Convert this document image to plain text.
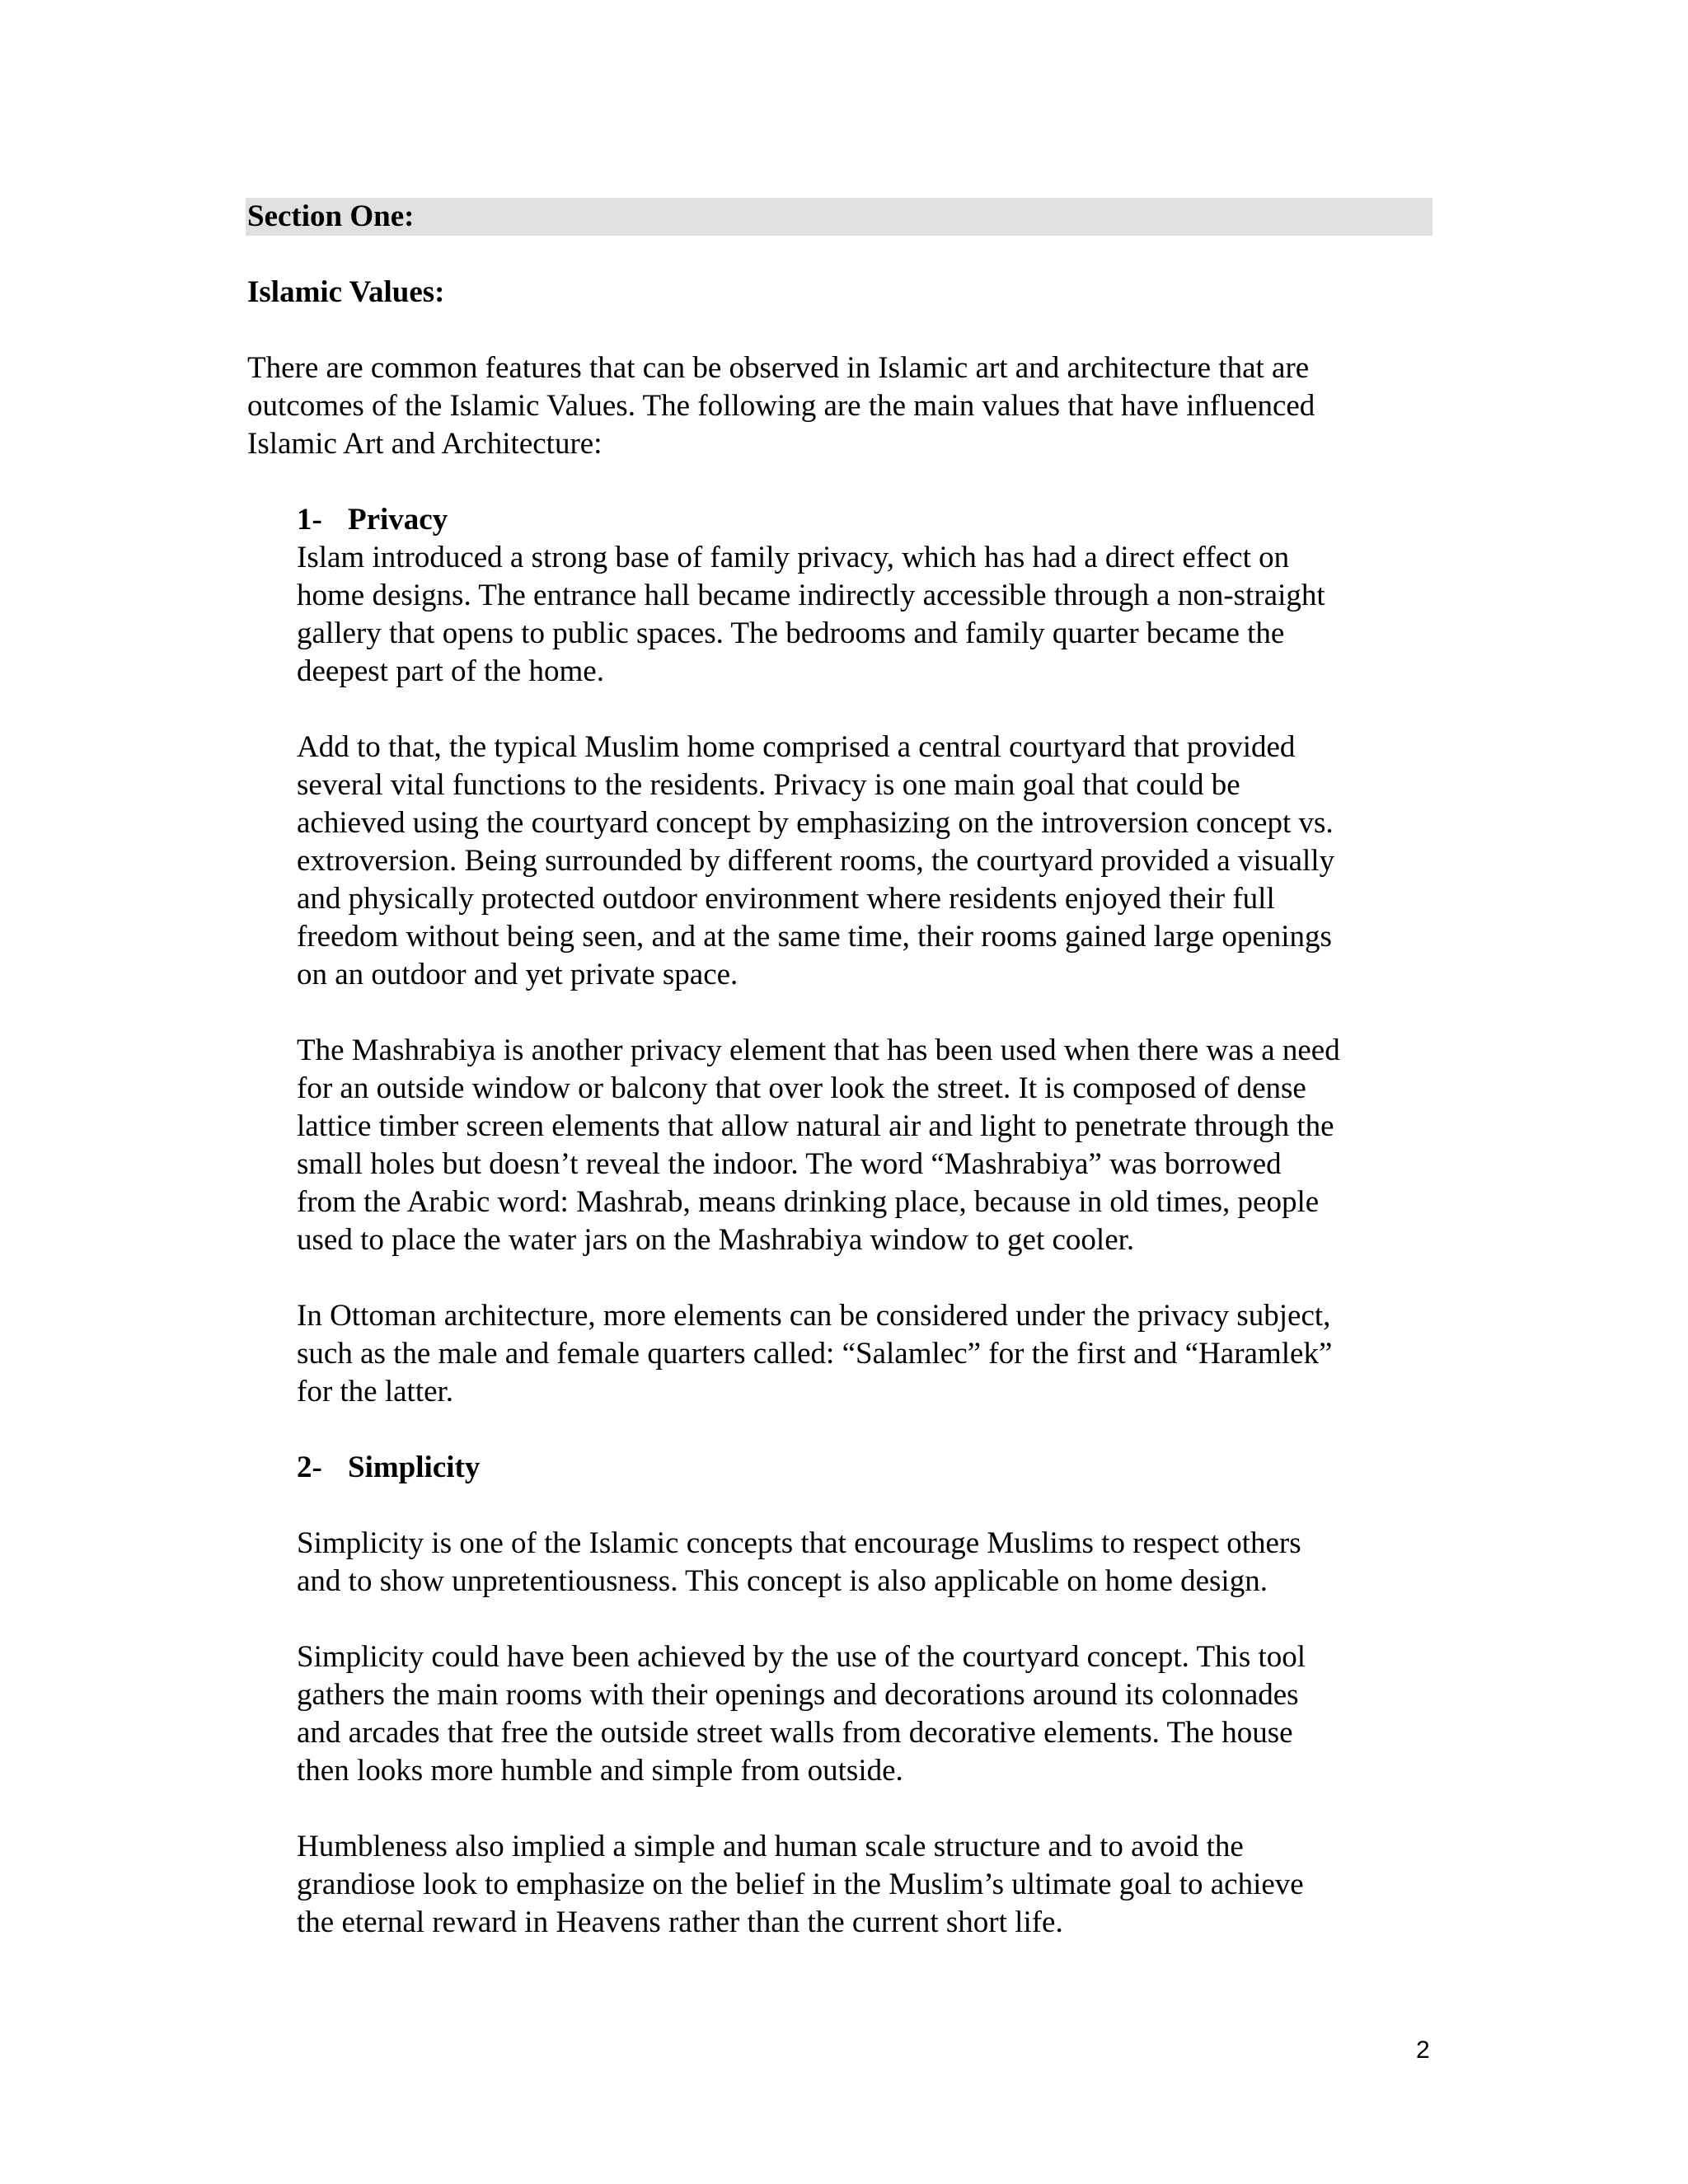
Section One:
Islamic Values:

There are common features that can be observed in Islamic art and architecture that are
outcomes of the Islamic Values. The following are the main values that have influenced
Islamic Art and Architecture:

1- Privacy

Islam introduced a strong base of family privacy, which has had a direct effect on
home designs. The entrance hall became indirectly accessible through a non-straight
gallery that opens to public spaces. The bedrooms and family quarter became the
deepest part of the home.

Add to that, the typical Muslim home comprised a central courtyard that provided
several vital functions to the residents. Privacy is one main goal that could be
achieved using the courtyard concept by emphasizing on the introversion concept vs.
extroversion. Being surrounded by different rooms, the courtyard provided a visually
and physically protected outdoor environment where residents enjoyed their full
freedom without being seen, and at the same time, their rooms gained large openings
on an outdoor and yet private space.

The Mashrabiya is another privacy element that has been used when there was a need
for an outside window or balcony that over look the street. It is composed of dense
lattice timber screen elements that allow natural air and light to penetrate through the
small holes but doesn’t reveal the indoor. The word “Mashrabiya” was borrowed
from the Arabic word: Mashrab, means drinking place, because in old times, people
used to place the water jars on the Mashrabiya window to get cooler.

In Ottoman architecture, more elements can be considered under the privacy subject,
such as the male and female quarters called: “Salamlec” for the first and “Haramlek”
for the latter.

2- Simplicity

Simplicity is one of the Islamic concepts that encourage Muslims to respect others
and to show unpretentiousness. This concept is also applicable on home design.

Simplicity could have been achieved by the use of the courtyard concept. This tool
gathers the main rooms with their openings and decorations around its colonnades
and arcades that free the outside street walls from decorative elements. The house
then looks more humble and simple from outside.

Humbleness also implied a simple and human scale structure and to avoid the
grandiose look to emphasize on the belief in the Muslim’s ultimate goal to achieve
the eternal reward in Heavens rather than the current short life.

2
